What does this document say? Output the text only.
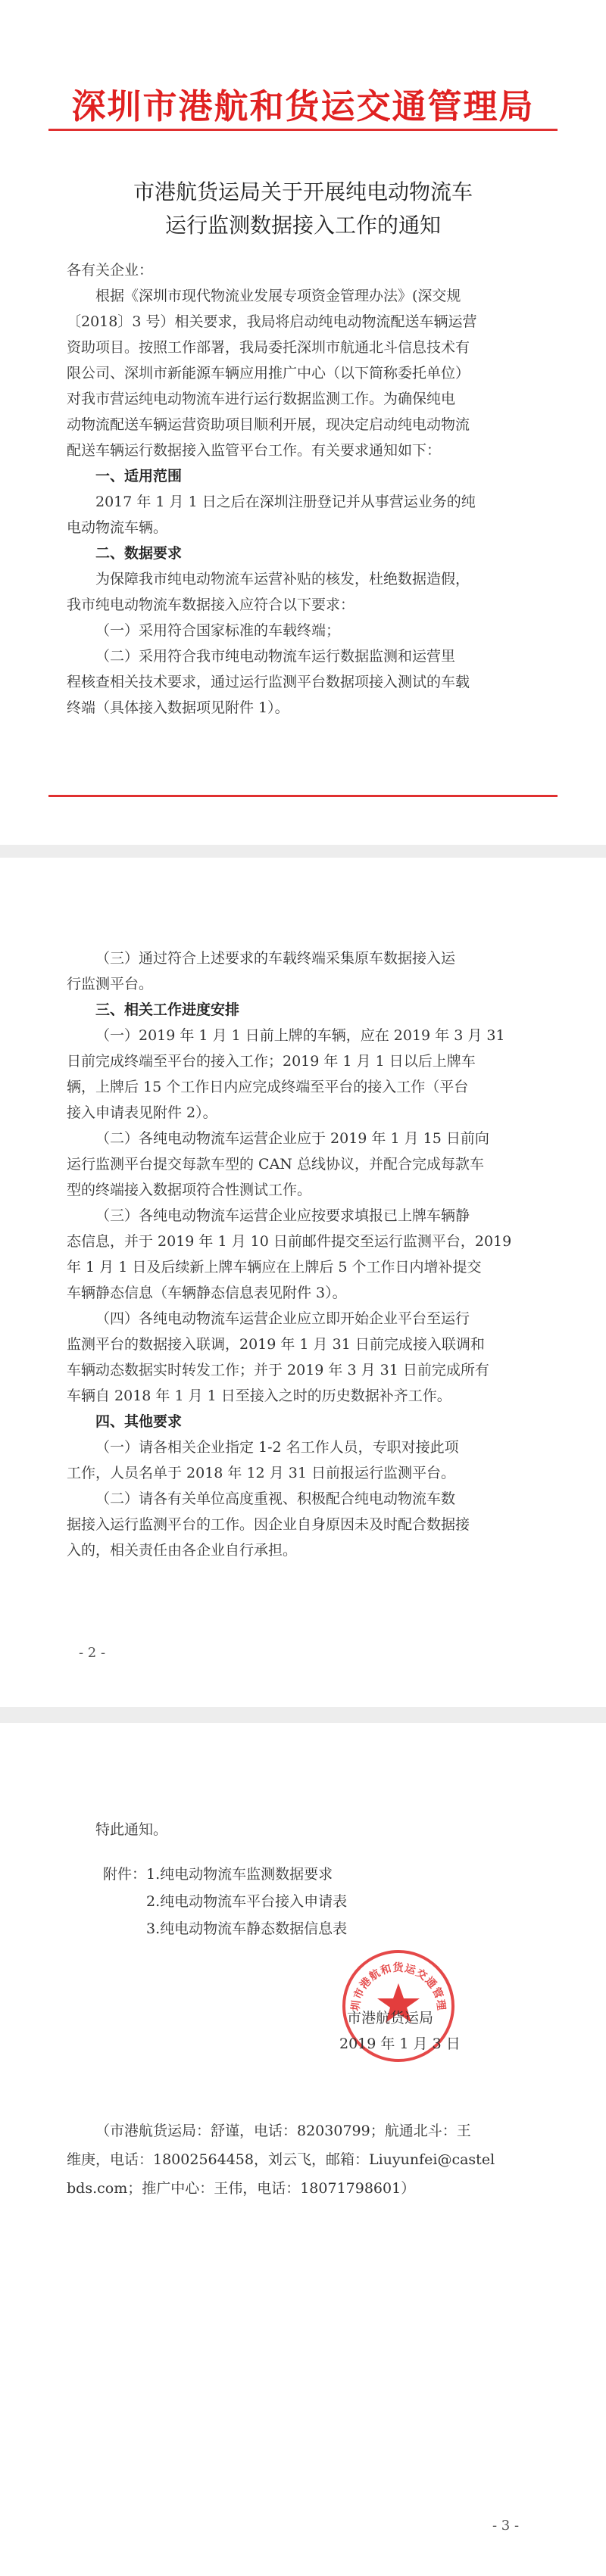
深圳市港航和货运交通管理局
市港航货运局关于开展纯电动物流车
运行监测数据接入工作的通知

各有关企业：

根据《深圳市现代物流业发展专项资金管理办法》(深交规

〔2018〕3 号）相关要求，我局将启动纯电动物流配送车辆运营

资助项目。按照工作部署，我局委托深圳市航通北斗信息技术有

限公司、深圳市新能源车辆应用推广中心（以下简称委托单位）

对我市营运纯电动物流车进行运行数据监测工作。为确保纯电

动物流配送车辆运营资助项目顺利开展，现决定启动纯电动物流

配送车辆运行数据接入监管平台工作。有关要求通知如下：

一、适用范围

2017 年 1 月 1 日之后在深圳注册登记并从事营运业务的纯

电动物流车辆。

二、数据要求

为保障我市纯电动物流车运营补贴的核发，杜绝数据造假，

我市纯电动物流车数据接入应符合以下要求：

（一）采用符合国家标准的车载终端；

（二）采用符合我市纯电动物流车运行数据监测和运营里

程核查相关技术要求，通过运行监测平台数据项接入测试的车载

终端（具体接入数据项见附件 1）。

（三）通过符合上述要求的车载终端采集原车数据接入运

行监测平台。

三、相关工作进度安排

（一）2019 年 1 月 1 日前上牌的车辆，应在 2019 年 3 月 31

日前完成终端至平台的接入工作；2019 年 1 月 1 日以后上牌车

辆，上牌后 15 个工作日内应完成终端至平台的接入工作（平台

接入申请表见附件 2）。

（二）各纯电动物流车运营企业应于 2019 年 1 月 15 日前向

运行监测平台提交每款车型的 CAN 总线协议，并配合完成每款车

型的终端接入数据项符合性测试工作。

（三）各纯电动物流车运营企业应按要求填报已上牌车辆静

态信息，并于 2019 年 1 月 10 日前邮件提交至运行监测平台，2019

年 1 月 1 日及后续新上牌车辆应在上牌后 5 个工作日内增补提交

车辆静态信息（车辆静态信息表见附件 3）。

（四）各纯电动物流车运营企业应立即开始企业平台至运行

监测平台的数据接入联调，2019 年 1 月 31 日前完成接入联调和

车辆动态数据实时转发工作；并于 2019 年 3 月 31 日前完成所有

车辆自 2018 年 1 月 1 日至接入之时的历史数据补齐工作。

四、其他要求

（一）请各相关企业指定 1-2 名工作人员，专职对接此项

工作，人员名单于 2018 年 12 月 31 日前报运行监测平台。

（二）请各有关单位高度重视、积极配合纯电动物流车数

据接入运行监测平台的工作。因企业自身原因未及时配合数据接

入的，相关责任由各企业自行承担。

- 2 -

特此通知。

- 3 -
附件：1.纯电动物流车监测数据要求
2.纯电动物流车平台接入申请表
3.纯电动物流车静态数据信息表
圳市港航和货运交通管理
市港航货运局
2019 年 1 月 3 日

（市港航货运局：舒谨，电话：82030799；航通北斗：王

维庚，电话：18002564458，刘云飞，邮箱：Liuyunfei@castel

bds.com；推广中心：王伟，电话：18071798601）
